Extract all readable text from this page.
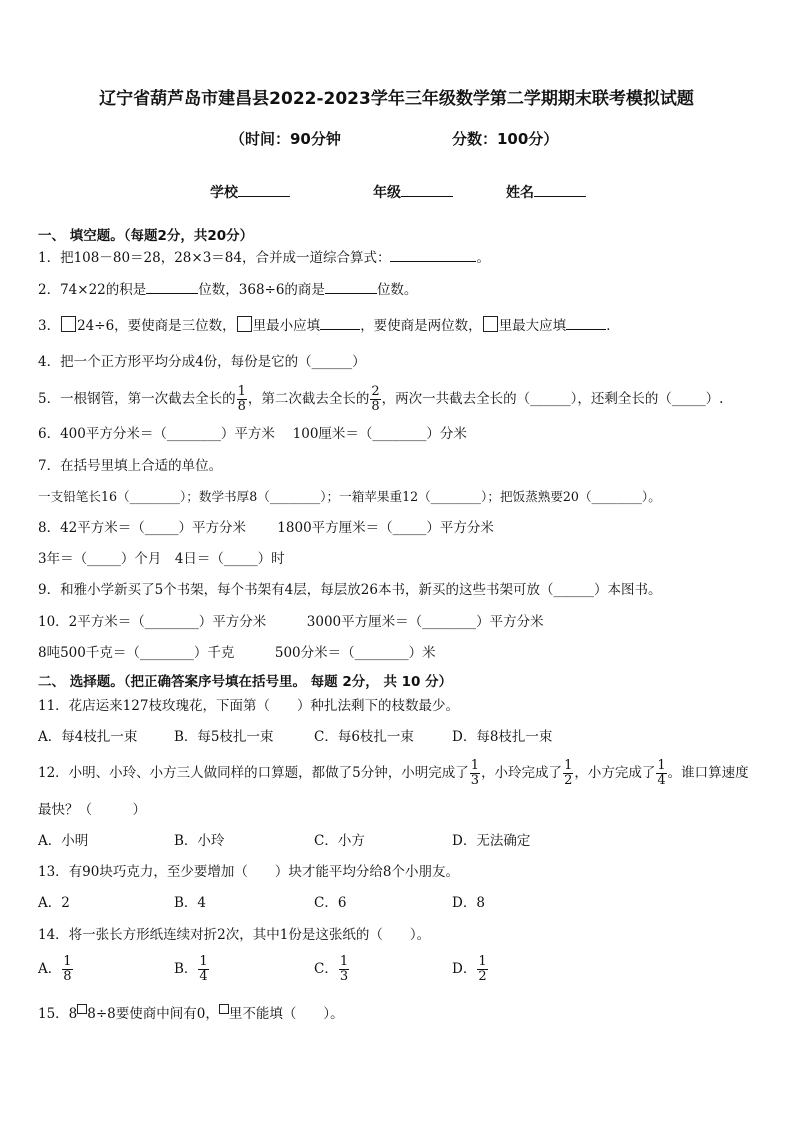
辽宁省葫芦岛市建昌县2022-2023学年三年级数学第二学期期末联考模拟试题
（时间：90分钟	分数：100分）
学校	年级	姓名
一、 填空题。（每题2分，共20分）
1．把108－80＝28，28×3＝84，合并成一道综合算式：	。
2．74×22的积是	位数，368÷6的商是	位数。
3． 24÷6，要使商是三位数， 里最小应填	，要使商是两位数， 里最大应填	．
4．把一个正方形平均分成4份，每份是它的（______）
5．一根钢管，第一次截去全长的 $\frac{1}{8}$ ，第二次截去全长的 $\frac{2}{8}$ ，两次一共截去全长的（______），还剩全长的（_____）.
6．400平方分米＝（________）平方米　 100厘米＝（________）分米
7．在括号里填上合适的单位。
一支铅笔长16（________）；数学书厚8（________）；一箱苹果重12（________）；把饭蒸熟要20（________）。
8．42平方米＝（_____）平方分米　　 1800平方厘米＝（_____）平方分米
3年＝（_____）个月　4日＝（_____）时
9．和雅小学新买了5个书架，每个书架有4层，每层放26本书，新买的这些书架可放（______）本图书。
10．2平方米＝（________）平方分米　　　3000平方厘米＝（________）平方分米
8吨500千克＝（________）千克　　　500分米＝（________）米
二、 选择题。（把正确答案序号填在括号里。 每题 2分， 共 10 分）
11．花店运来127枝玫瑰花，下面第（　　）种扎法剩下的枝数最少。
A．每4枝扎一束	B．每5枝扎一束	C．每6枝扎一束	D．每8枝扎一束
12．小明、小玲、小方三人做同样的口算题，都做了5分钟，小明完成了 $\frac{1}{3}$ ，小玲完成了 $\frac{1}{2}$ ，小方完成了 $\frac{1}{4}$ 。谁口算速度
最快？（　　　）
A．小明	B．小玲	C．小方	D．无法确定
13．有90块巧克力，至少要增加（　　）块才能平均分给8个小朋友。
A．2	B．4	C．6	D．8
14．将一张长方形纸连续对折2次，其中1份是这张纸的（　　）。
A． $\frac{1}{8}$	B． $\frac{1}{4}$	C． $\frac{1}{3}$	D． $\frac{1}{2}$
15．8 8÷8要使商中间有0， 里不能填（　　）。
